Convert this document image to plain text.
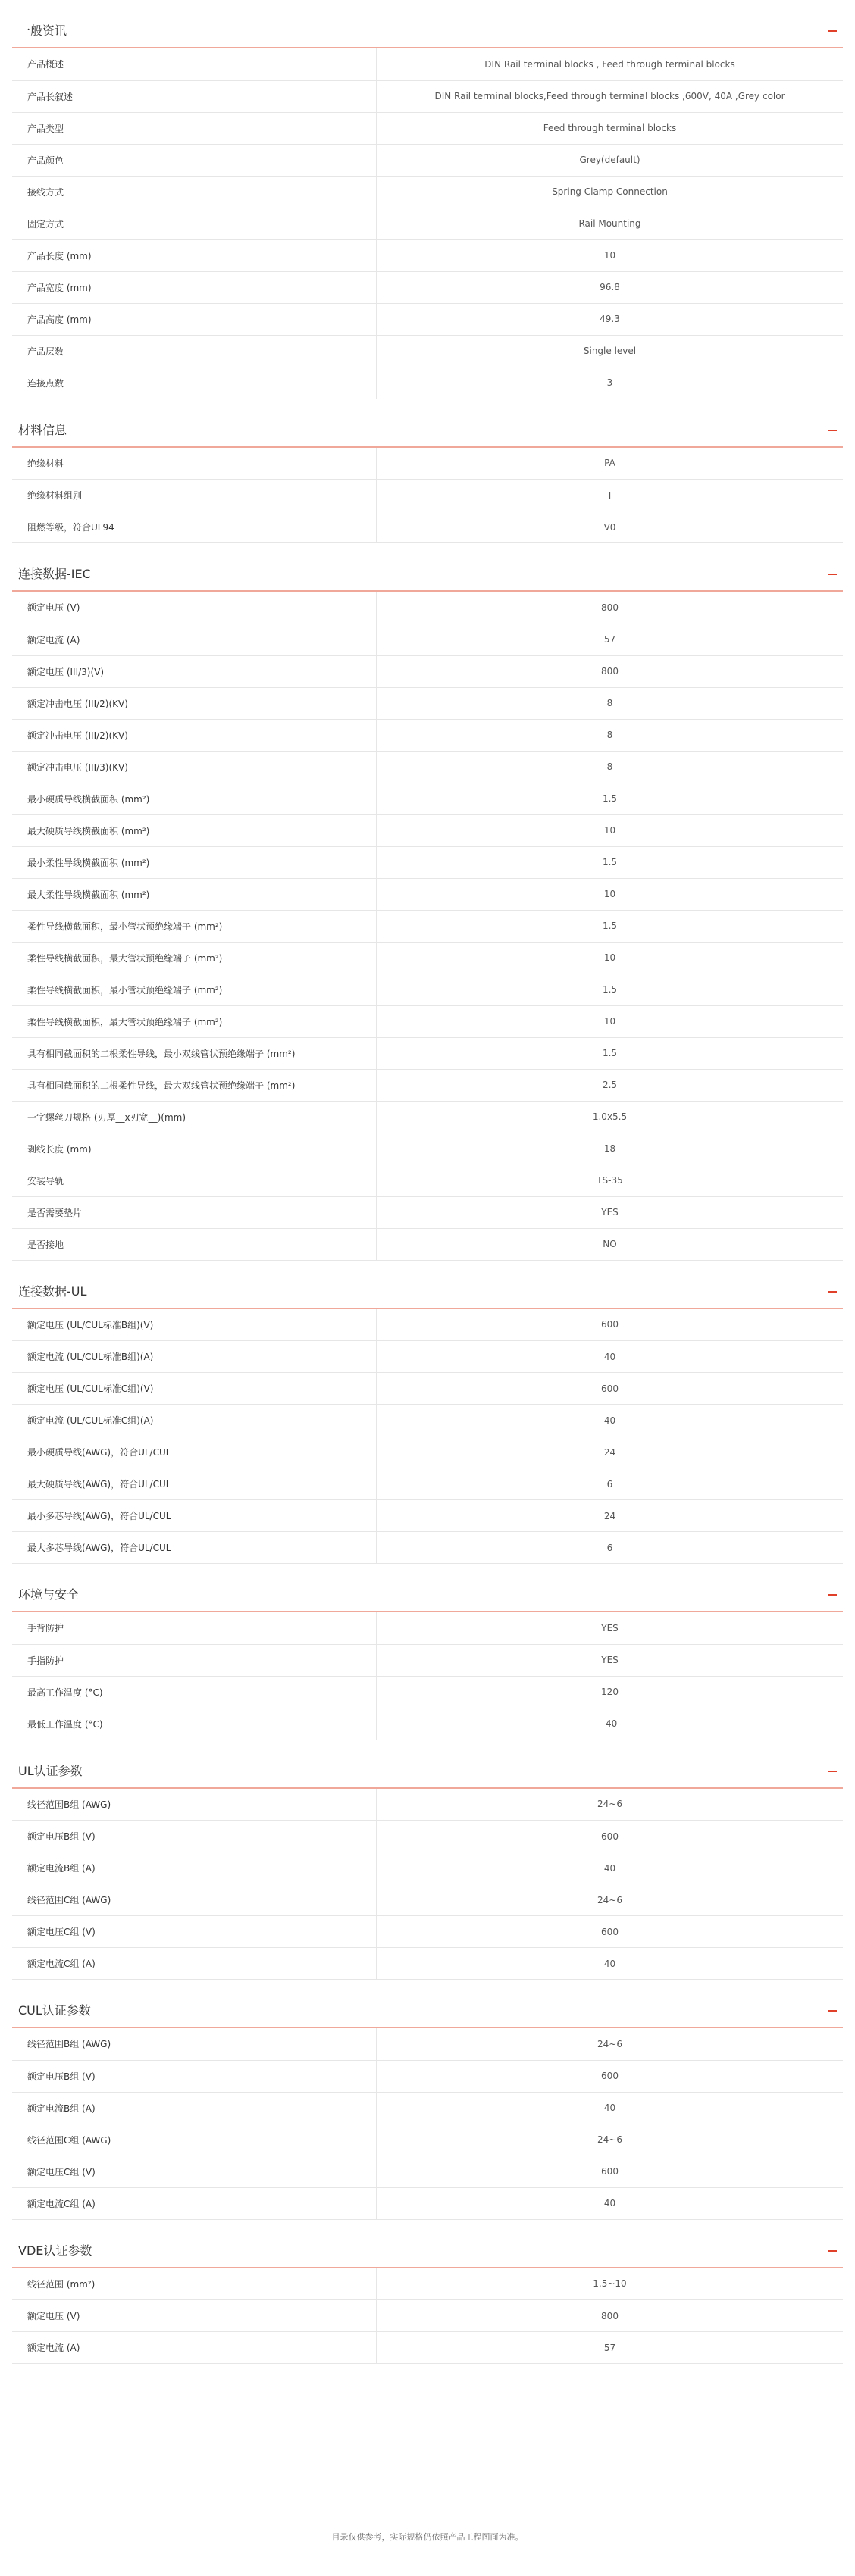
一般资讯
产品概述	DIN Rail terminal blocks , Feed through terminal blocks
产品长叙述	DIN Rail terminal blocks,Feed through terminal blocks ,600V, 40A ,Grey color
产品类型	Feed through terminal blocks
产品颜色	Grey(default)
接线方式	Spring Clamp Connection
固定方式	Rail Mounting
产品长度 (mm)	10
产品宽度 (mm)	96.8
产品高度 (mm)	49.3
产品层数	Single level
连接点数	3
材料信息
绝缘材料	PA
绝缘材料组别	I
阻燃等级，符合UL94	V0
连接数据-IEC
额定电压 (V)	800
额定电流 (A)	57
额定电压 (III/3)(V)	800
额定冲击电压 (III/2)(KV)	8
额定冲击电压 (III/2)(KV)	8
额定冲击电压 (III/3)(KV)	8
最小硬质导线横截面积 (mm²)	1.5
最大硬质导线横截面积 (mm²)	10
最小柔性导线横截面积 (mm²)	1.5
最大柔性导线横截面积 (mm²)	10
柔性导线横截面积，最小管状预绝缘端子 (mm²)	1.5
柔性导线横截面积，最大管状预绝缘端子 (mm²)	10
柔性导线横截面积，最小管状预绝缘端子 (mm²)	1.5
柔性导线横截面积，最大管状预绝缘端子 (mm²)	10
具有相同截面积的二根柔性导线，最小双线管状预绝缘端子 (mm²)	1.5
具有相同截面积的二根柔性导线，最大双线管状预绝缘端子 (mm²)	2.5
一字螺丝刀规格 (刃厚__x刃宽__)(mm)	1.0x5.5
剥线长度 (mm)	18
安装导轨	TS-35
是否需要垫片	YES
是否接地	NO
连接数据-UL
额定电压 (UL/CUL标准B组)(V)	600
额定电流 (UL/CUL标准B组)(A)	40
额定电压 (UL/CUL标准C组)(V)	600
额定电流 (UL/CUL标准C组)(A)	40
最小硬质导线(AWG)，符合UL/CUL	24
最大硬质导线(AWG)，符合UL/CUL	6
最小多芯导线(AWG)，符合UL/CUL	24
最大多芯导线(AWG)，符合UL/CUL	6
环境与安全
手背防护	YES
手指防护	YES
最高工作温度 (°C)	120
最低工作温度 (°C)	-40
UL认证参数
线径范围B组 (AWG)	24~6
额定电压B组 (V)	600
额定电流B组 (A)	40
线径范围C组 (AWG)	24~6
额定电压C组 (V)	600
额定电流C组 (A)	40
CUL认证参数
线径范围B组 (AWG)	24~6
额定电压B组 (V)	600
额定电流B组 (A)	40
线径范围C组 (AWG)	24~6
额定电压C组 (V)	600
额定电流C组 (A)	40
VDE认证参数
线径范围 (mm²)	1.5~10
额定电压 (V)	800
额定电流 (A)	57
目录仅供参考，实际规格仍依照产品工程图面为准。
